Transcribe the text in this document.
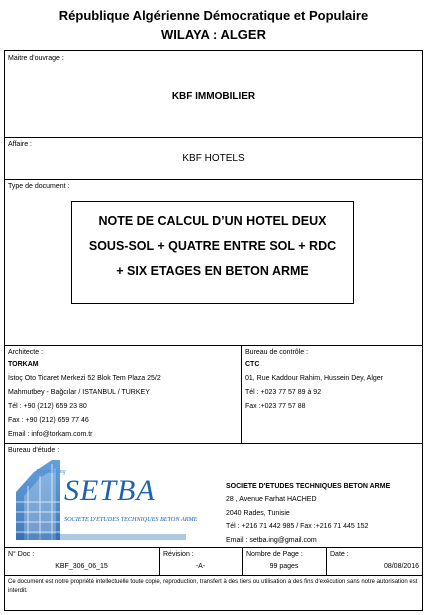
République Algérienne Démocratique et Populaire
WILAYA : ALGER
Maitre d'ouvrage :
KBF IMMOBILIER
Affaire :
KBF HOTELS
Type de document :
NOTE DE CALCUL D’UN HOTEL DEUX
SOUS-SOL + QUATRE ENTRE SOL + RDC
+ SIX ETAGES EN BETON ARME
Architecte :
TORKAM
İstoç Oto Ticaret Merkezi 52 Blok Tem Plaza 25/2
Mahmutbey - Bağcılar / ISTANBUL / TURKEY
Tél : +90 (212) 659 23 80
Fax : +90 (212) 659 77 46
Email : info@torkam.com.tr
Bureau de contrôle :
CTC
01, Rue Kaddour Rahim, Hussein Dey, Alger
Tél : +023 77 57 89 à 92
Fax :+023 77 57 88
Bureau d'étude :
SETBA
Engineering
SOCIETE D'ETUDES TECHNIQUES BETON ARME
SOCIETE D'ETUDES TECHNIQUES BETON ARME
28 , Avenue Farhat HACHED
2040 Rades, Tunisie
Tél : +216 71 442 985 / Fax :+216 71 445 152
Email : setba.ing@gmail.com
N° Doc :
KBF_306_06_15
Révision :
-A-
Nombre de Page :
99 pages
Date :
08/08/2016
Ce document est notre propriété intellectuelle toute copie, reproduction, transfert à des tiers ou utilisation à des fins d'exécution sans notre autorisation est interdit.
